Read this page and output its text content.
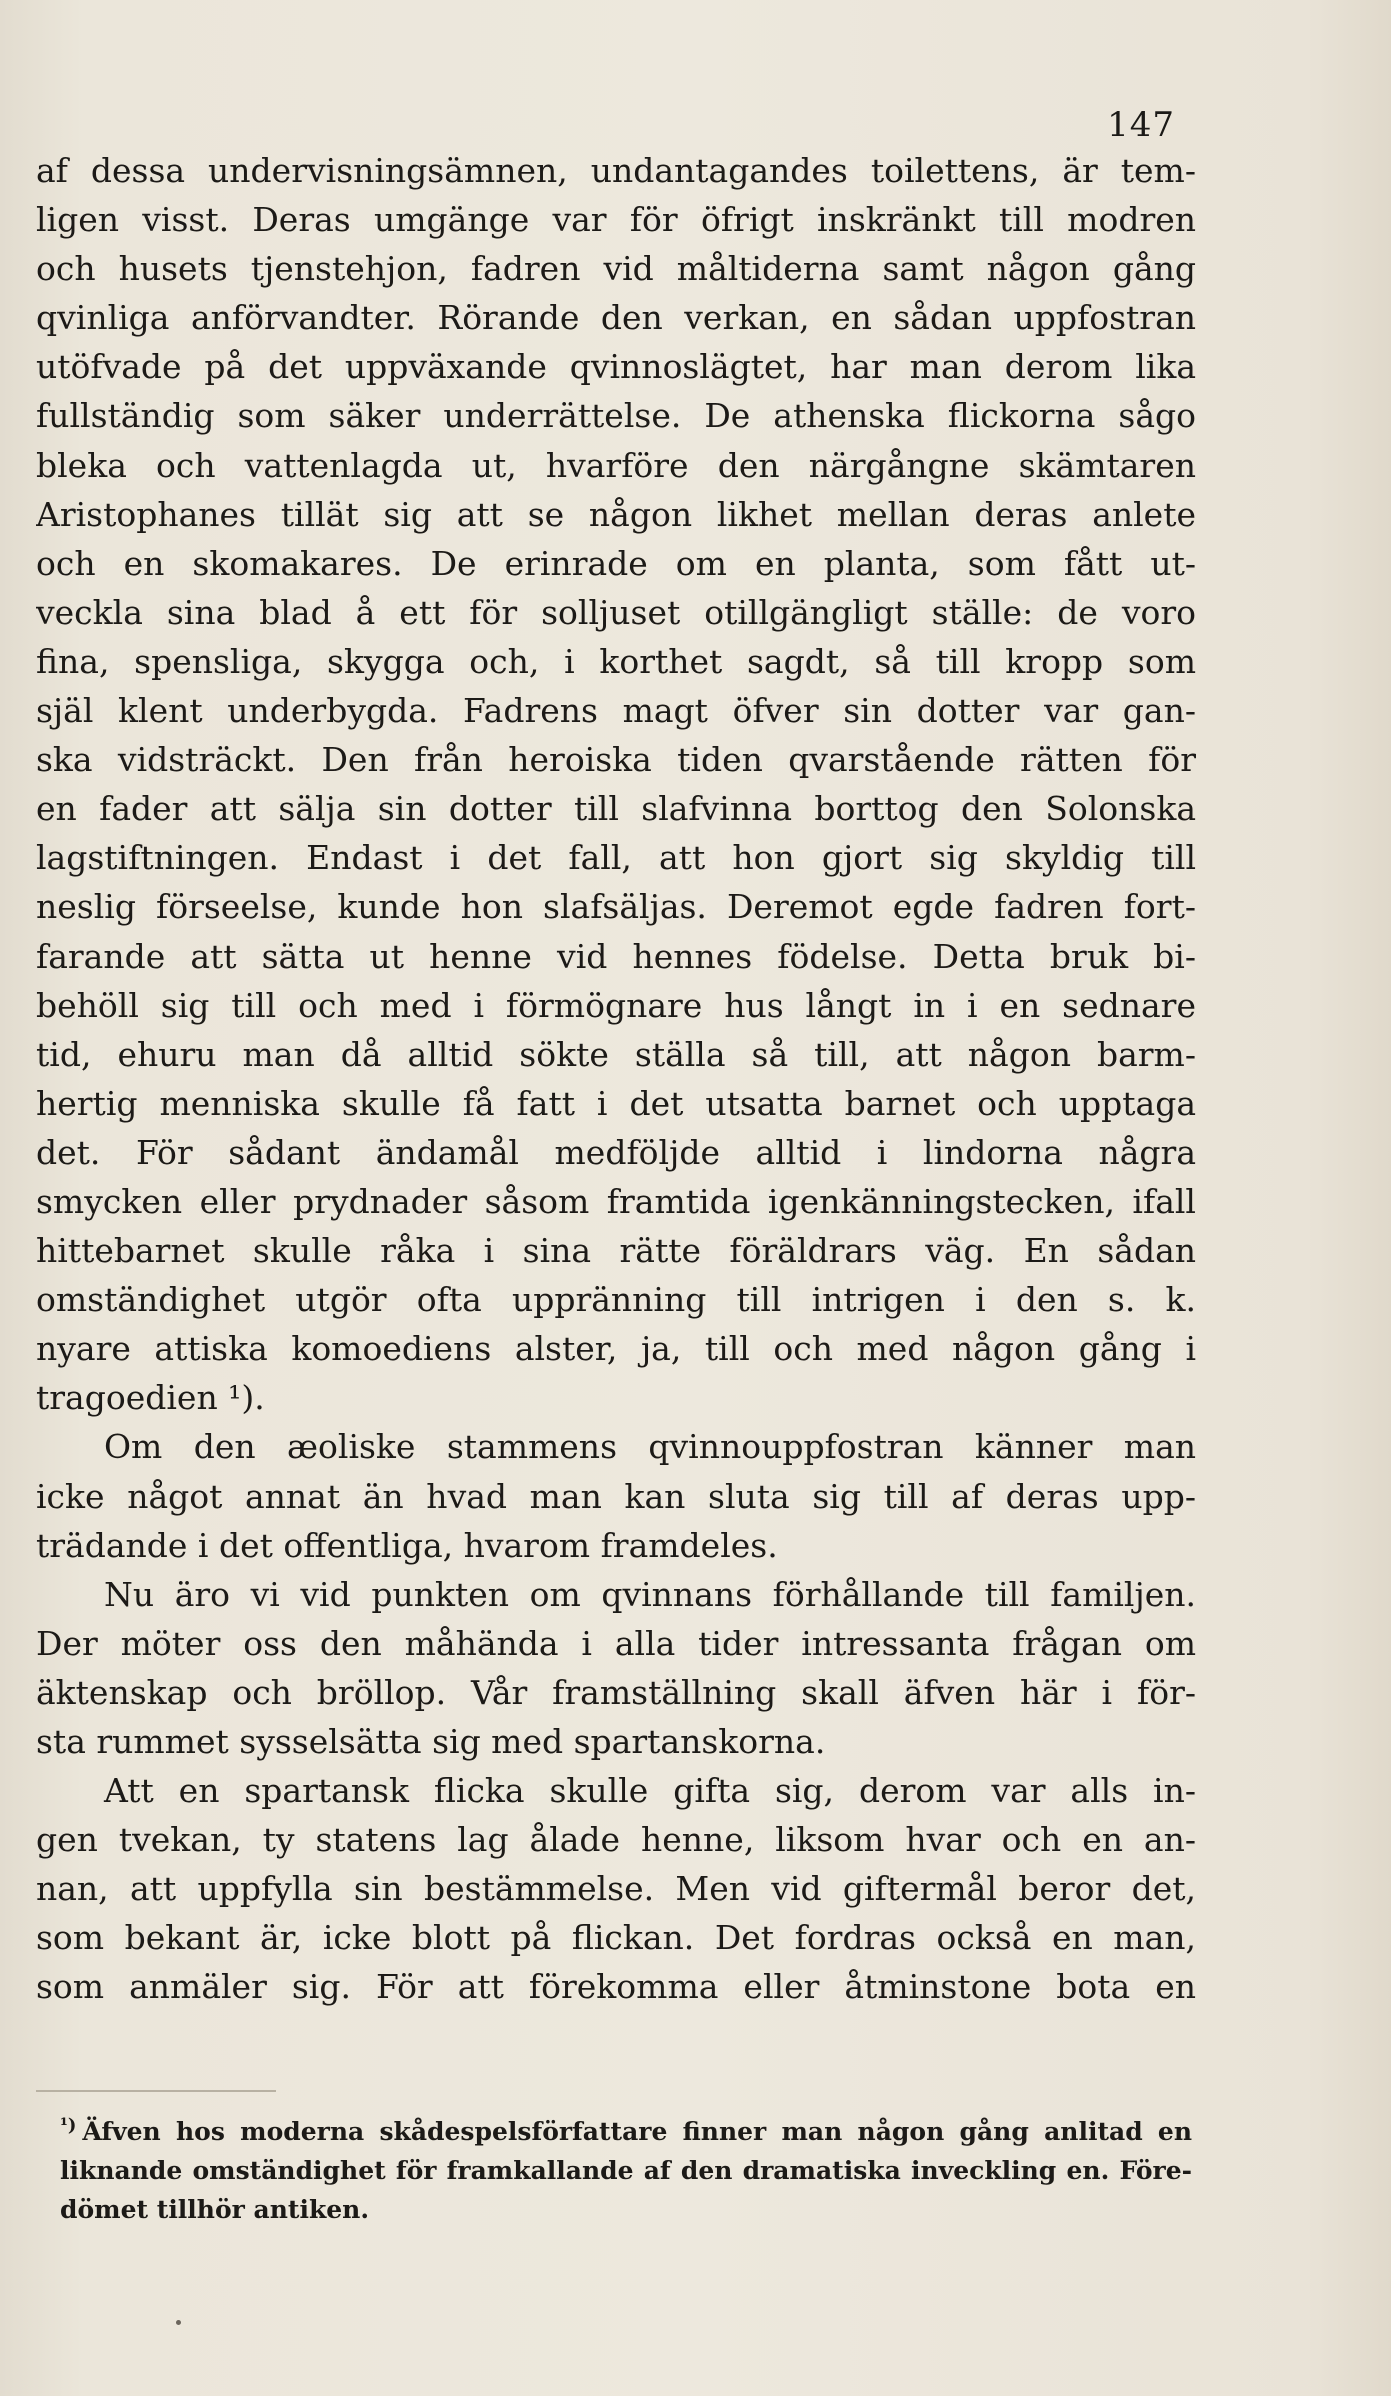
147
af dessa undervisningsämnen, undantagandes toilettens, är tem-
ligen visst. Deras umgänge var för öfrigt inskränkt till modren
och husets tjenstehjon, fadren vid måltiderna samt någon gång
qvinliga anförvandter. Rörande den verkan, en sådan uppfostran
utöfvade på det uppväxande qvinnoslägtet, har man derom lika
fullständig som säker underrättelse. De athenska flickorna sågo
bleka och vattenlagda ut, hvarföre den närgångne skämtaren
Aristophanes tillät sig att se någon likhet mellan deras anlete
och en skomakares. De erinrade om en planta, som fått ut-
veckla sina blad å ett för solljuset otillgängligt ställe: de voro
fina, spensliga, skygga och, i korthet sagdt, så till kropp som
själ klent underbygda. Fadrens magt öfver sin dotter var gan-
ska vidsträckt. Den från heroiska tiden qvarstående rätten för
en fader att sälja sin dotter till slafvinna borttog den Solonska
lagstiftningen. Endast i det fall, att hon gjort sig skyldig till
neslig förseelse, kunde hon slafsäljas. Deremot egde fadren fort-
farande att sätta ut henne vid hennes födelse. Detta bruk bi-
behöll sig till och med i förmögnare hus långt in i en sednare
tid, ehuru man då alltid sökte ställa så till, att någon barm-
hertig menniska skulle få fatt i det utsatta barnet och upptaga
det. För sådant ändamål medföljde alltid i lindorna några
smycken eller prydnader såsom framtida igenkänningstecken, ifall
hittebarnet skulle råka i sina rätte föräldrars väg. En sådan
omständighet utgör ofta uppränning till intrigen i den s. k.
nyare attiska komoediens alster, ja, till och med någon gång i
tragoedien ¹).
Om den æoliske stammens qvinnouppfostran känner man
icke något annat än hvad man kan sluta sig till af deras upp-
trädande i det offentliga, hvarom framdeles.
Nu äro vi vid punkten om qvinnans förhållande till familjen.
Der möter oss den måhända i alla tider intressanta frågan om
äktenskap och bröllop. Vår framställning skall äfven här i för-
sta rummet sysselsätta sig med spartanskorna.
Att en spartansk flicka skulle gifta sig, derom var alls in-
gen tvekan, ty statens lag ålade henne, liksom hvar och en an-
nan, att uppfylla sin bestämmelse. Men vid giftermål beror det,
som bekant är, icke blott på flickan. Det fordras också en man,
som anmäler sig. För att förekomma eller åtminstone bota en
$^{^1)}$ Äfven hos moderna skådespelsförfattare finner man någon gång anlitad en
liknande omständighet för framkallande af den dramatiska inveckling en. Före-
dömet tillhör antiken.
